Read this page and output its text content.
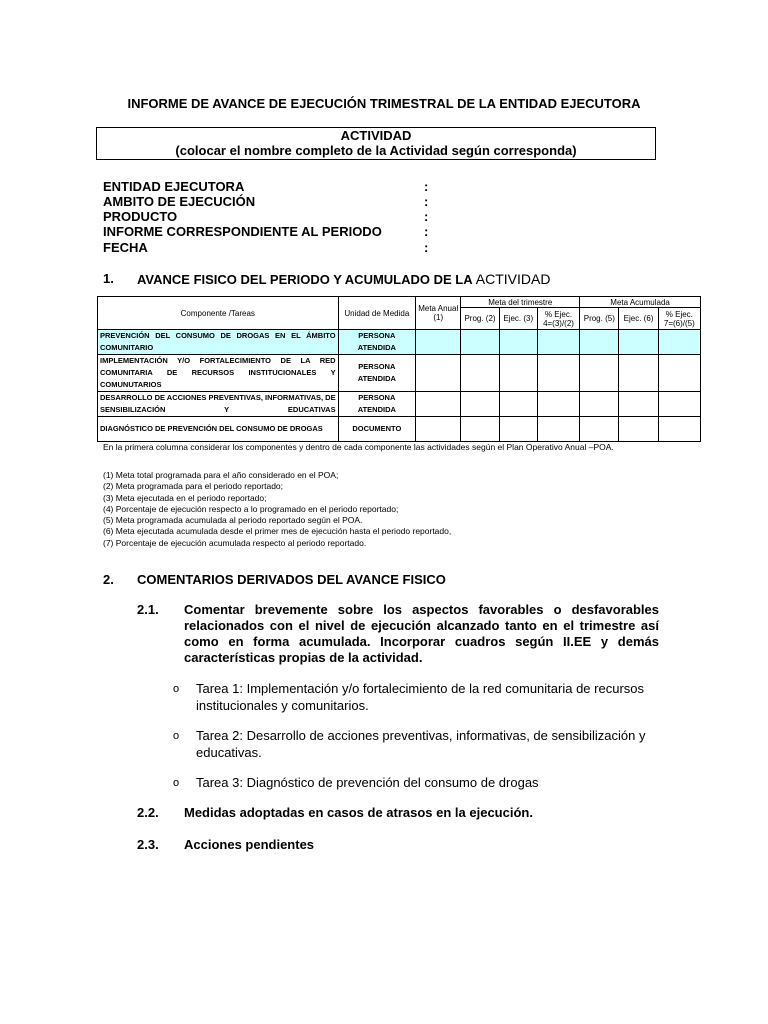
INFORME DE AVANCE DE EJECUCIÓN TRIMESTRAL DE LA ENTIDAD EJECUTORA
ACTIVIDAD
(colocar el nombre completo de la Actividad según corresponda)
ENTIDAD EJECUTORA	:
AMBITO DE EJECUCIÓN	:
PRODUCTO	:
INFORME CORRESPONDIENTE AL PERIODO	:
FECHA	:
1. AVANCE FISICO DEL PERIODO Y ACUMULADO DE LA ACTIVIDAD
Componente /Tareas	Unidad de Medida	Meta Anual (1)	Meta del trimestre			Meta Acumulada		
			Prog. (2)	Ejec. (3)	% Ejec. 4=(3)/(2)	Prog. (5)	Ejec. (6)	% Ejec. 7=(6)/(5)
PREVENCIÓN DEL CONSUMO DE DROGAS EN EL ÁMBITO COMUNITARIO	PERSONA ATENDIDA							
IMPLEMENTACIÓN Y/O FORTALECIMIENTO DE LA RED COMUNITARIA DE RECURSOS INSTITUCIONALES Y COMUNUTARIOS	PERSONA ATENDIDA							
DESARROLLO DE ACCIONES PREVENTIVAS, INFORMATIVAS, DE SENSIBILIZACIÓN Y EDUCATIVAS	PERSONA ATENDIDA							
DIAGNÓSTICO DE PREVENCIÓN DEL CONSUMO DE DROGAS	DOCUMENTO							
En la primera columna considerar los componentes y dentro de cada componente las actividades según el Plan Operativo Anual –POA.
(1) Meta total programada para el año considerado en el POA;
(2) Meta programada para el periodo reportado;
(3) Meta ejecutada en el periodo reportado;
(4) Porcentaje de ejecución respecto a lo programado en el periodo reportado;
(5) Meta programada acumulada al periodo reportado según el POA.
(6) Meta ejecutada acumulada desde el primer mes de ejecución hasta el periodo reportado,
(7) Porcentaje de ejecución acumulada respecto al periodo reportado.
2. COMENTARIOS DERIVADOS DEL AVANCE FISICO
2.1. Comentar brevemente sobre los aspectos favorables o desfavorables relacionados con el nivel de ejecución alcanzado tanto en el trimestre así como en forma acumulada. Incorporar cuadros según II.EE y demás características propias de la actividad.
o Tarea 1: Implementación y/o fortalecimiento de la red comunitaria de recursos institucionales y comunitarios.
o Tarea 2: Desarrollo de acciones preventivas, informativas, de sensibilización y educativas.
o Tarea 3: Diagnóstico de prevención del consumo de drogas
2.2. Medidas adoptadas en casos de atrasos en la ejecución.
2.3. Acciones pendientes
